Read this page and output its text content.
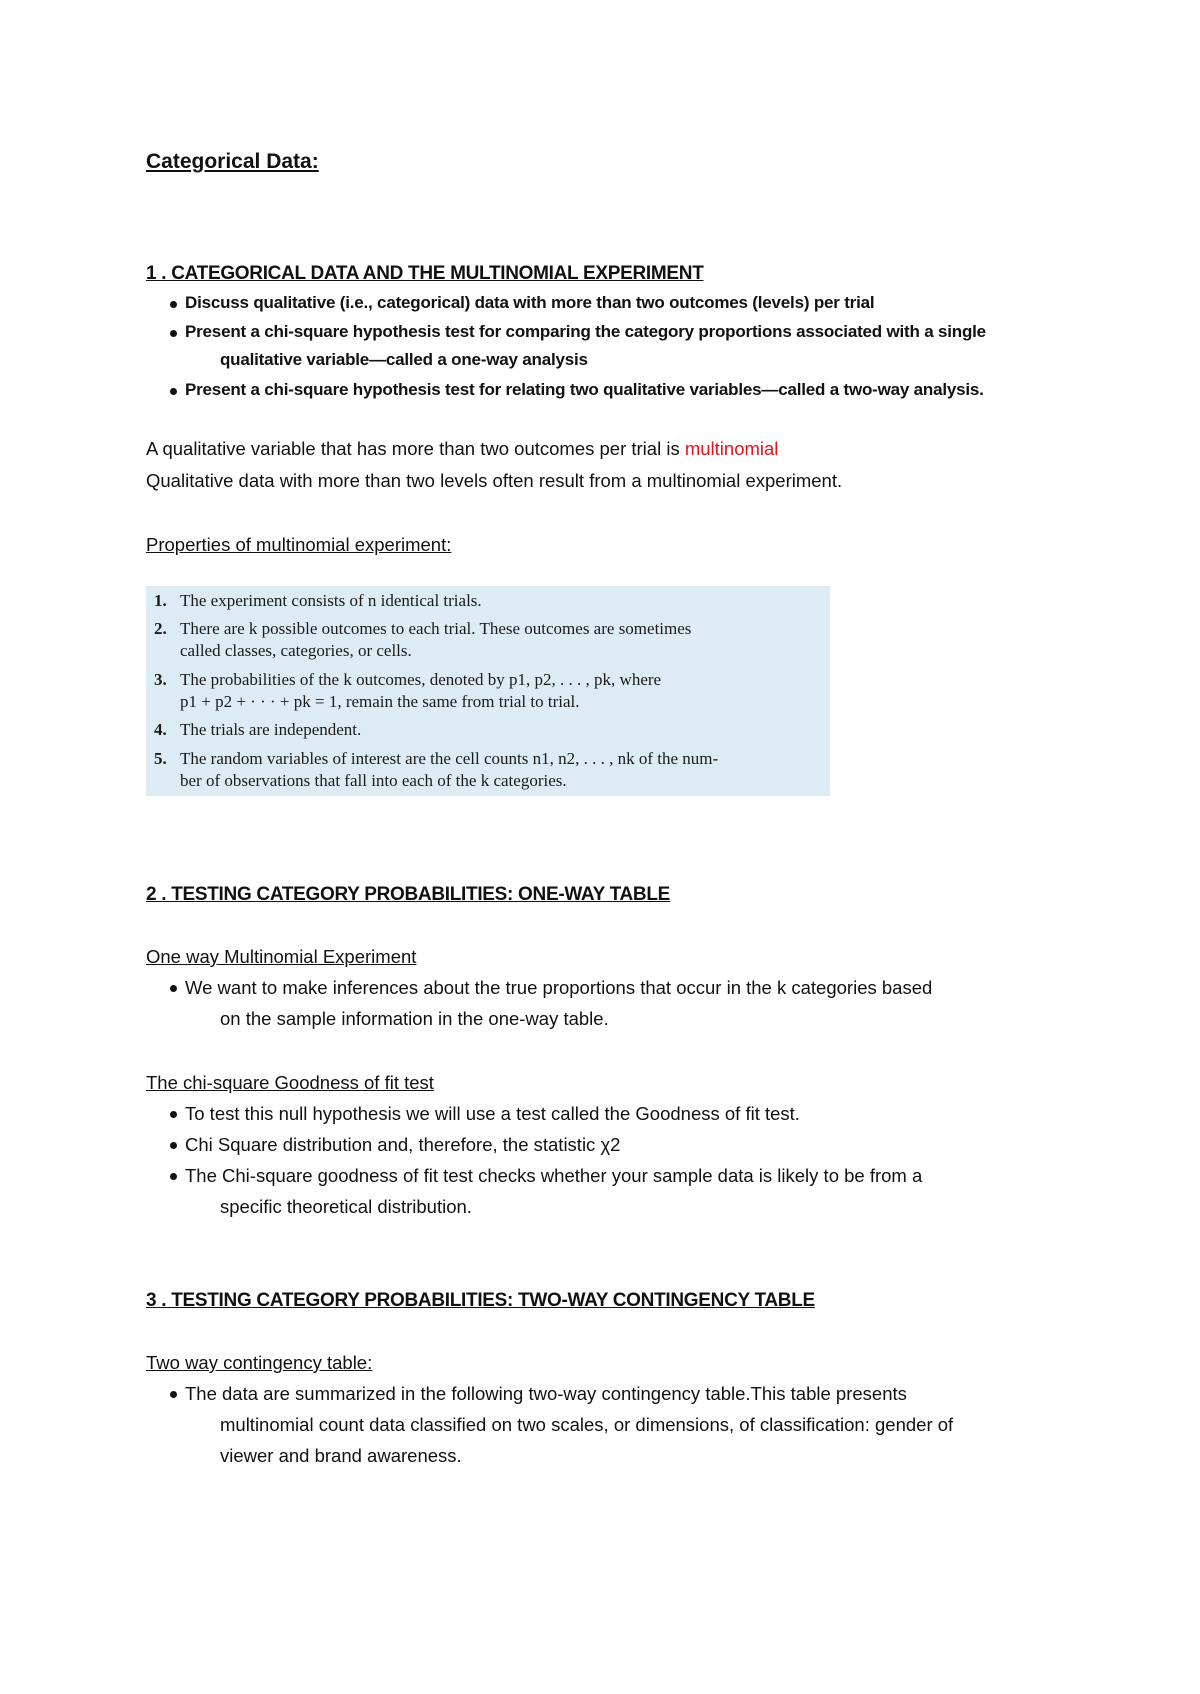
Categorical Data:
1 . CATEGORICAL DATA AND THE MULTINOMIAL EXPERIMENT
Discuss qualitative (i.e., categorical) data with more than two outcomes (levels) per trial
Present a chi-square hypothesis test for comparing the category proportions associated with a single
qualitative variable—called a one-way analysis
Present a chi-square hypothesis test for relating two qualitative variables—called a two-way analysis.
A qualitative variable that has more than two outcomes per trial is multinomial
Qualitative data with more than two levels often result from a multinomial experiment.
Properties of multinomial experiment:
1. The experiment consists of n identical trials.
2. There are k possible outcomes to each trial. These outcomes are sometimes
called classes, categories, or cells.
3. The probabilities of the k outcomes, denoted by p1, p2, . . . , pk, where
p1 + p2 + · · · + pk = 1, remain the same from trial to trial.
4. The trials are independent.
5. The random variables of interest are the cell counts n1, n2, . . . , nk of the num-
ber of observations that fall into each of the k categories.
2 . TESTING CATEGORY PROBABILITIES: ONE-WAY TABLE
One way Multinomial Experiment
We want to make inferences about the true proportions that occur in the k categories based
on the sample information in the one-way table.
The chi-square Goodness of fit test
To test this null hypothesis we will use a test called the Goodness of fit test.
Chi Square distribution and, therefore, the statistic χ2
The Chi-square goodness of fit test checks whether your sample data is likely to be from a
specific theoretical distribution.
3 . TESTING CATEGORY PROBABILITIES: TWO-WAY CONTINGENCY TABLE
Two way contingency table:
The data are summarized in the following two-way contingency table.This table presents
multinomial count data classified on two scales, or dimensions, of classification: gender of
viewer and brand awareness.
